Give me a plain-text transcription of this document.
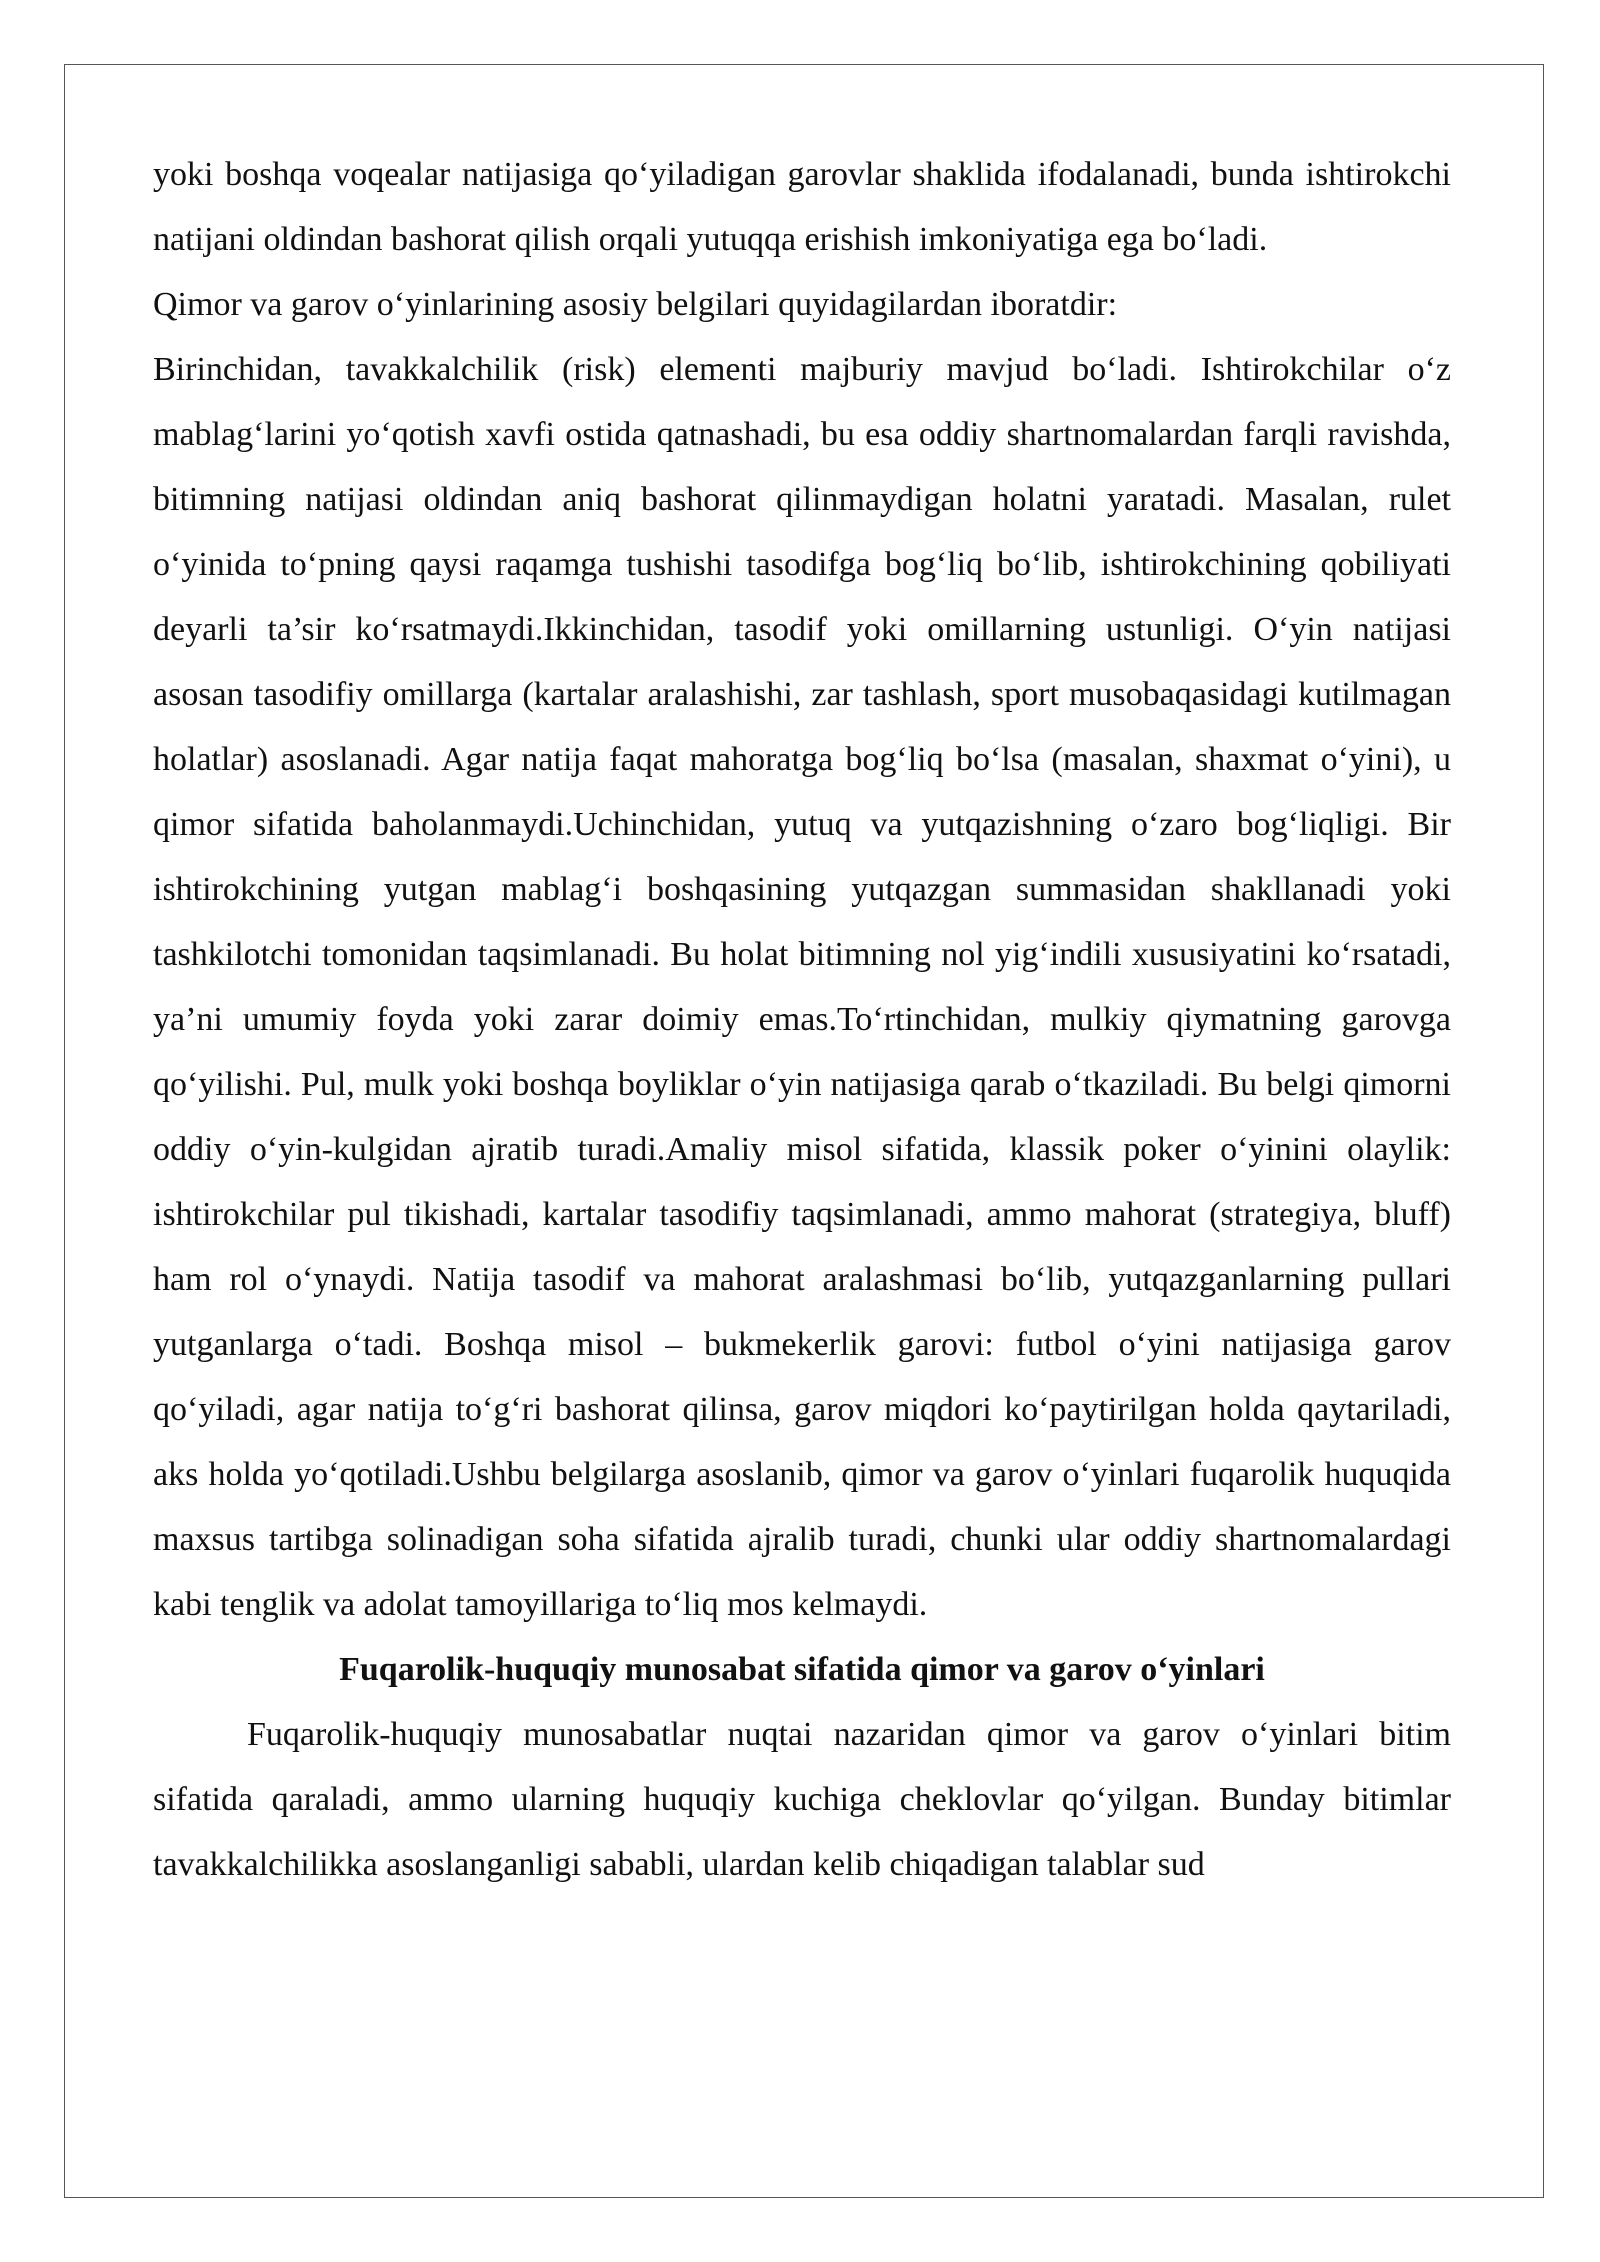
yoki boshqa voqealar natijasiga qo‘yiladigan garovlar shaklida ifodalanadi, bunda ishtirokchi natijani oldindan bashorat qilish orqali yutuqqa erishish imkoniyatiga ega bo‘ladi.

Qimor va garov o‘yinlarining asosiy belgilari quyidagilardan iboratdir:

Birinchidan, tavakkalchilik (risk) elementi majburiy mavjud bo‘ladi. Ishtirokchilar o‘z mablag‘larini yo‘qotish xavfi ostida qatnashadi, bu esa oddiy shartnomalardan farqli ravishda, bitimning natijasi oldindan aniq bashorat qilinmaydigan holatni yaratadi. Masalan, rulet o‘yinida to‘pning qaysi raqamga tushishi tasodifga bog‘liq bo‘lib, ishtirokchining qobiliyati deyarli ta’sir ko‘rsatmaydi.Ikkinchidan, tasodif yoki omillarning ustunligi. O‘yin natijasi asosan tasodifiy omillarga (kartalar aralashishi, zar tashlash, sport musobaqasidagi kutilmagan holatlar) asoslanadi. Agar natija faqat mahoratga bog‘liq bo‘lsa (masalan, shaxmat o‘yini), u qimor sifatida baholanmaydi.Uchinchidan, yutuq va yutqazishning o‘zaro bog‘liqligi. Bir ishtirokchining yutgan mablag‘i boshqasining yutqazgan summasidan shakllanadi yoki tashkilotchi tomonidan taqsimlanadi. Bu holat bitimning nol yig‘indili xususiyatini ko‘rsatadi, ya’ni umumiy foyda yoki zarar doimiy emas.To‘rtinchidan, mulkiy qiymatning garovga qo‘yilishi. Pul, mulk yoki boshqa boyliklar o‘yin natijasiga qarab o‘tkaziladi. Bu belgi qimorni oddiy o‘yin-kulgidan ajratib turadi.Amaliy misol sifatida, klassik poker o‘yinini olaylik: ishtirokchilar pul tikishadi, kartalar tasodifiy taqsimlanadi, ammo mahorat (strategiya, bluff) ham rol o‘ynaydi. Natija tasodif va mahorat aralashmasi bo‘lib, yutqazganlarning pullari yutganlarga o‘tadi. Boshqa misol – bukmekerlik garovi: futbol o‘yini natijasiga garov qo‘yiladi, agar natija to‘g‘ri bashorat qilinsa, garov miqdori ko‘paytirilgan holda qaytariladi, aks holda yo‘qotiladi.Ushbu belgilarga asoslanib, qimor va garov o‘yinlari fuqarolik huquqida maxsus tartibga solinadigan soha sifatida ajralib turadi, chunki ular oddiy shartnomalardagi kabi tenglik va adolat tamoyillariga to‘liq mos kelmaydi.

Fuqarolik-huquqiy munosabat sifatida qimor va garov o‘yinlari

Fuqarolik-huquqiy munosabatlar nuqtai nazaridan qimor va garov o‘yinlari bitim sifatida qaraladi, ammo ularning huquqiy kuchiga cheklovlar qo‘yilgan. Bunday bitimlar tavakkalchilikka asoslanganligi sababli, ulardan kelib chiqadigan talablar sud
